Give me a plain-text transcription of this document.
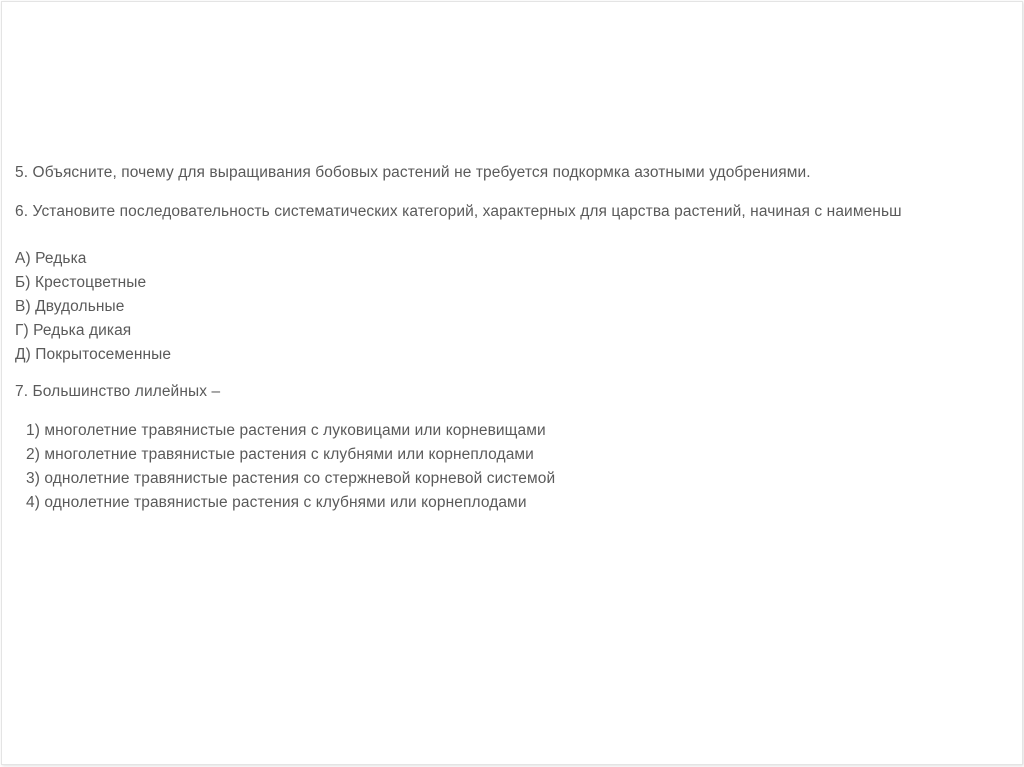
5. Объясните, почему для выращивания бобовых растений не требуется подкормка азотными удобрениями.
6. Установите последовательность систематических категорий, характерных для царства растений, начиная с наименьш
А) Редька
Б) Крестоцветные
В) Двудольные
Г) Редька дикая
Д) Покрытосеменные
7. Большинство лилейных –
1) многолетние травянистые растения с луковицами или корневищами
2) многолетние травянистые растения с клубнями или корнеплодами
3) однолетние травянистые растения со стержневой корневой системой
4) однолетние травянистые растения с клубнями или корнеплодами
